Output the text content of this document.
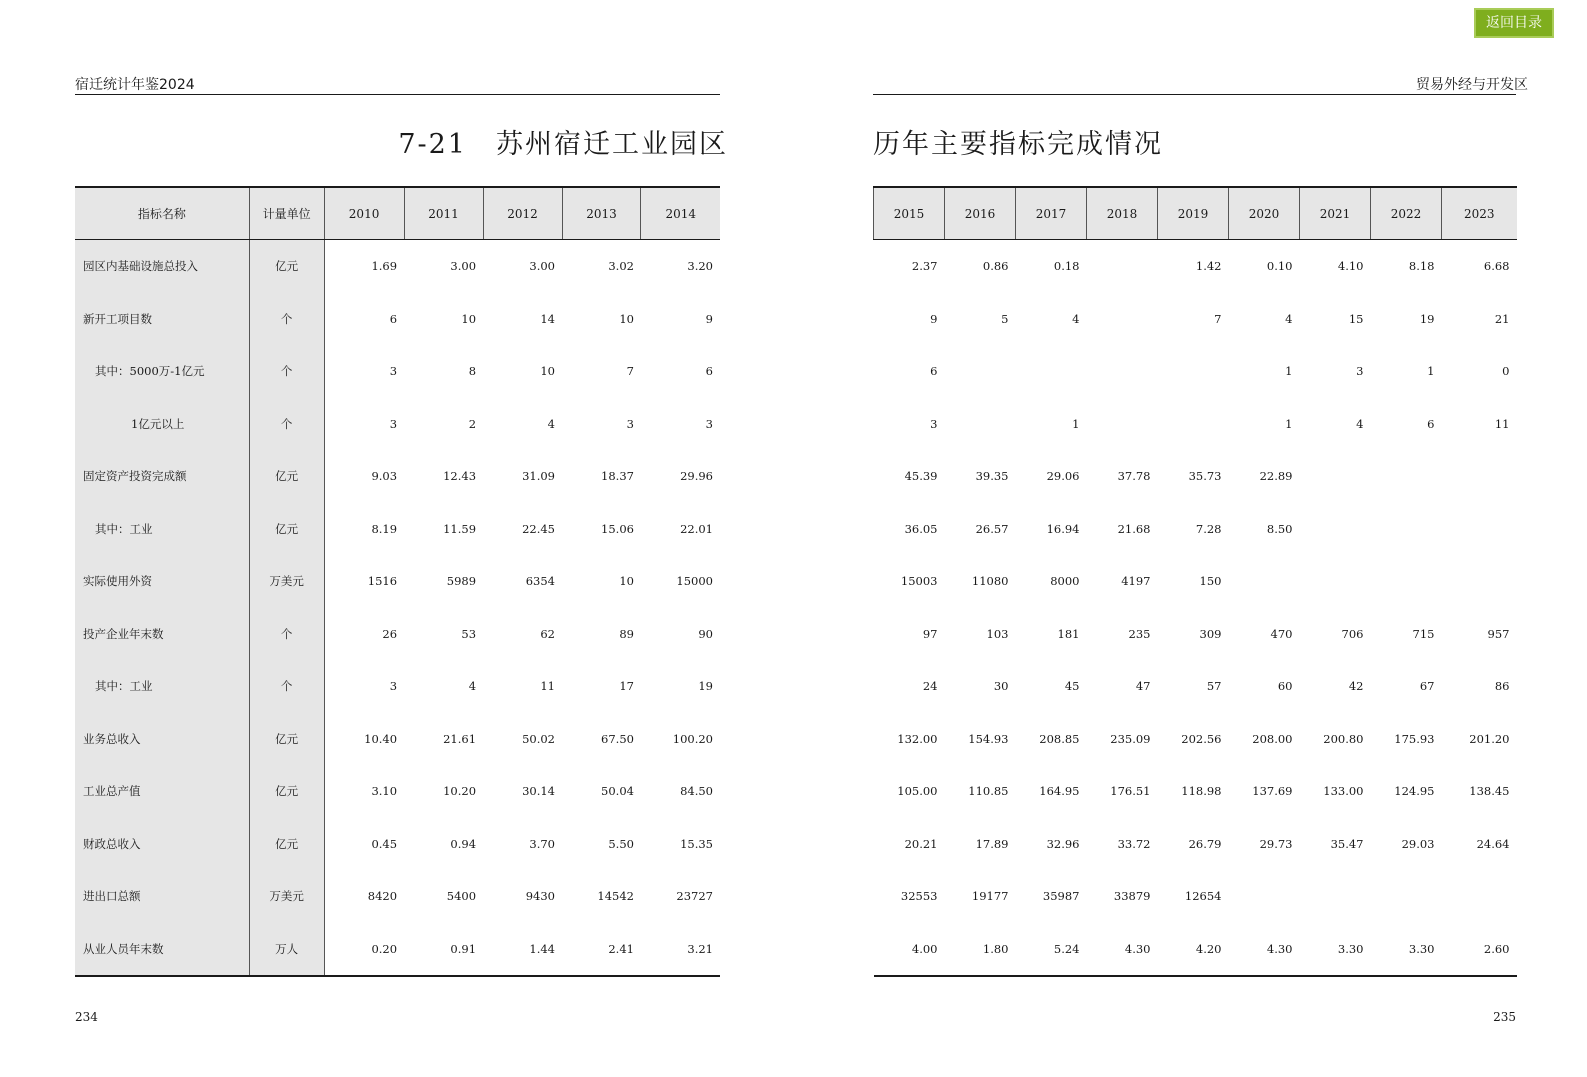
返回目录
宿迁统计年鉴2024	贸易外经与开发区
7-21　苏州宿迁工业园区	历年主要指标完成情况
指标名称	计量单位	2010	2011	2012	2013	2014
园区内基础设施总投入	亿元	1.69	3.00	3.00	3.02	3.20
新开工项目数	个	6	10	14	10	9
其中：5000万-1亿元	个	3	8	10	7	6
1亿元以上	个	3	2	4	3	3
固定资产投资完成额	亿元	9.03	12.43	31.09	18.37	29.96
其中：工业	亿元	8.19	11.59	22.45	15.06	22.01
实际使用外资	万美元	1516	5989	6354	10	15000
投产企业年末数	个	26	53	62	89	90
其中：工业	个	3	4	11	17	19
业务总收入	亿元	10.40	21.61	50.02	67.50	100.20
工业总产值	亿元	3.10	10.20	30.14	50.04	84.50
财政总收入	亿元	0.45	0.94	3.70	5.50	15.35
进出口总额	万美元	8420	5400	9430	14542	23727
从业人员年末数	万人	0.20	0.91	1.44	2.41	3.21
2015	2016	2017	2018	2019	2020	2021	2022	2023
2.37	0.86	0.18		1.42	0.10	4.10	8.18	6.68
9	5	4		7	4	15	19	21
6					1	3	1	0
3		1			1	4	6	11
45.39	39.35	29.06	37.78	35.73	22.89			
36.05	26.57	16.94	21.68	7.28	8.50			
15003	11080	8000	4197	150				
97	103	181	235	309	470	706	715	957
24	30	45	47	57	60	42	67	86
132.00	154.93	208.85	235.09	202.56	208.00	200.80	175.93	201.20
105.00	110.85	164.95	176.51	118.98	137.69	133.00	124.95	138.45
20.21	17.89	32.96	33.72	26.79	29.73	35.47	29.03	24.64
32553	19177	35987	33879	12654				
4.00	1.80	5.24	4.30	4.20	4.30	3.30	3.30	2.60
234	235
